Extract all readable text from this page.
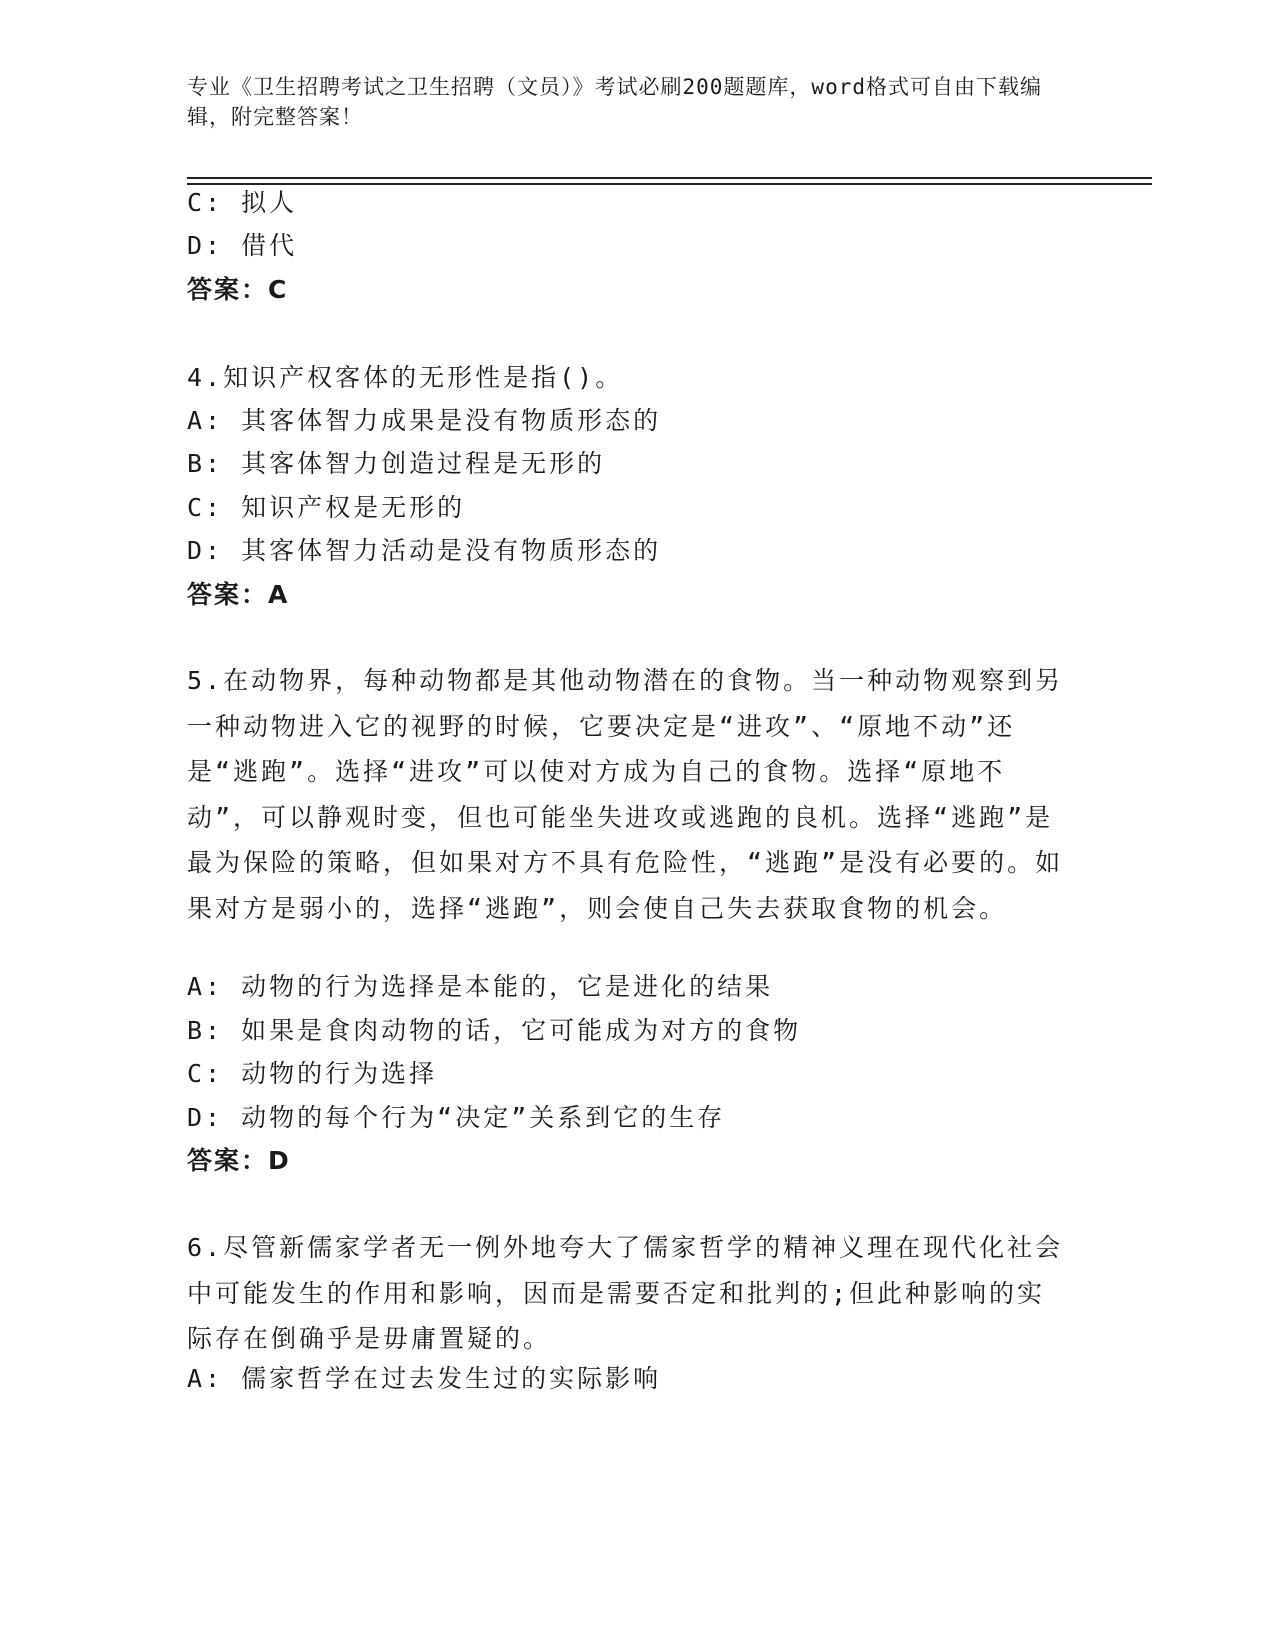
专业《卫生招聘考试之卫生招聘（文员）》考试必刷200题题库，word格式可自由下载编辑，附完整答案！
C: 拟人
D: 借代
答案：C
4.知识产权客体的无形性是指()。
A: 其客体智力成果是没有物质形态的
B: 其客体智力创造过程是无形的
C: 知识产权是无形的
D: 其客体智力活动是没有物质形态的
答案：A
5.在动物界，每种动物都是其他动物潜在的食物。当一种动物观察到另一种动物进入它的视野的时候，它要决定是“进攻”、“原地不动”还是“逃跑”。选择“进攻”可以使对方成为自己的食物。选择“原地不动”，可以静观时变，但也可能坐失进攻或逃跑的良机。选择“逃跑”是最为保险的策略，但如果对方不具有危险性，“逃跑”是没有必要的。如果对方是弱小的，选择“逃跑”，则会使自己失去获取食物的机会。
A: 动物的行为选择是本能的，它是进化的结果
B: 如果是食肉动物的话，它可能成为对方的食物
C: 动物的行为选择
D: 动物的每个行为“决定”关系到它的生存
答案：D
6.尽管新儒家学者无一例外地夸大了儒家哲学的精神义理在现代化社会中可能发生的作用和影响，因而是需要否定和批判的;但此种影响的实际存在倒确乎是毋庸置疑的。
A: 儒家哲学在过去发生过的实际影响
